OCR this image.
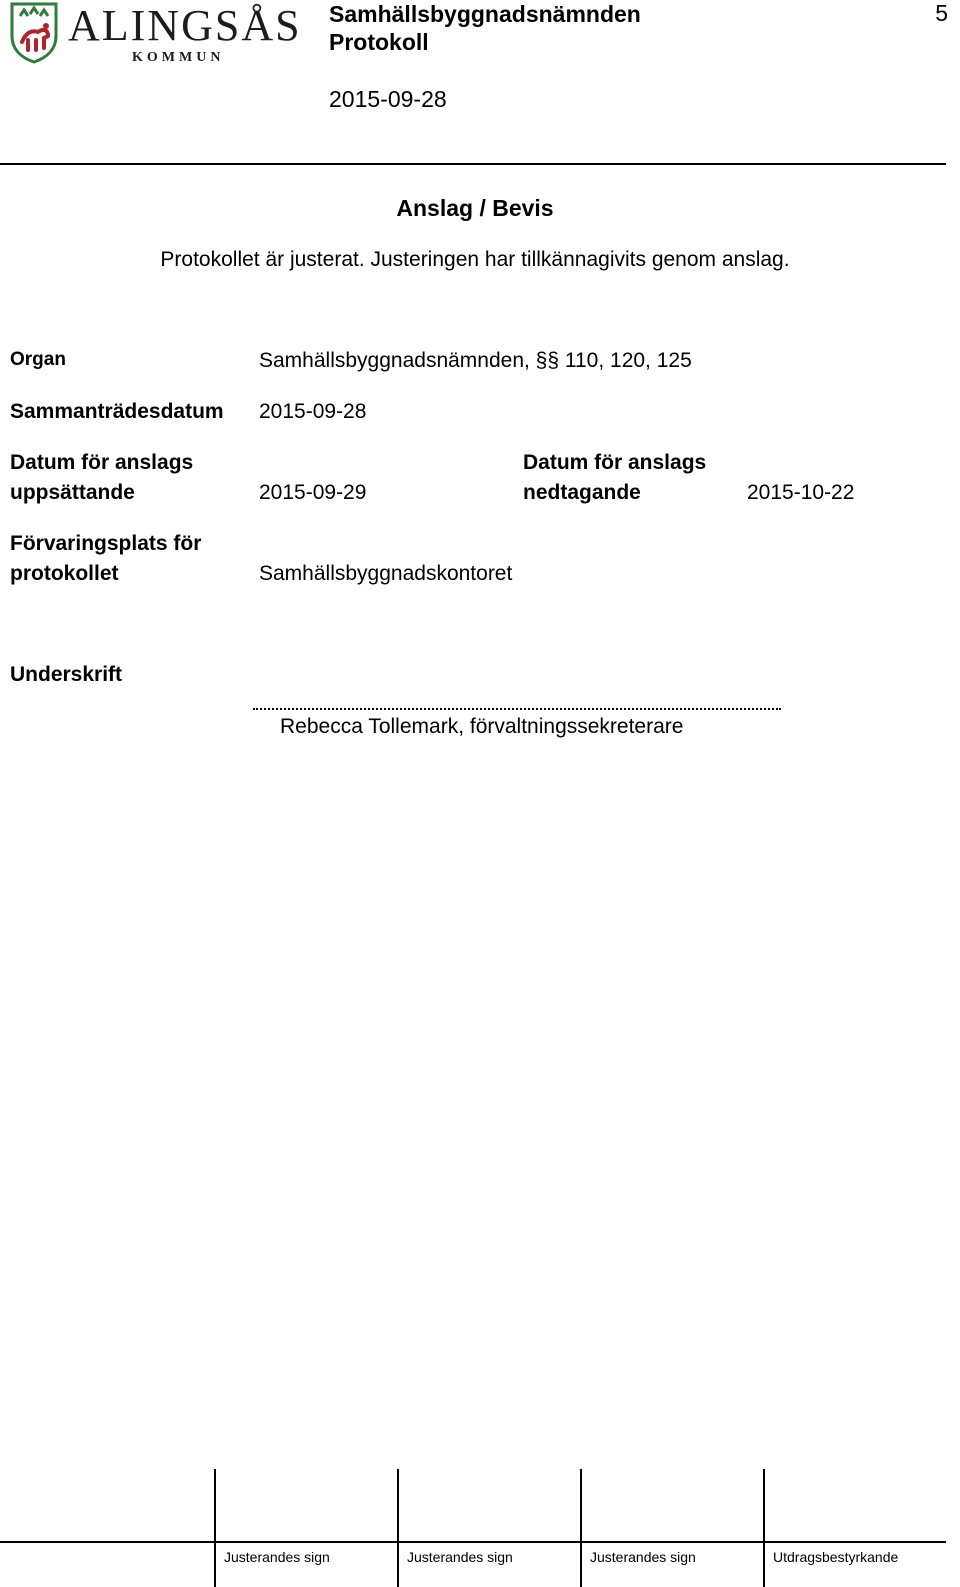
ALINGSÅS
KOMMUN
Samhällsbyggnadsnämnden
Protokoll
2015-09-28
5
Anslag / Bevis
Protokollet är justerat. Justeringen har tillkännagivits genom anslag.
Organ	Samhällsbyggnadsnämnden, §§ 110, 120, 125
Sammanträdesdatum 2015-09-28
Datum för anslags
uppsättande	2015-09-29
Datum för anslags
nedtagande	2015-10-22
Förvaringsplats för
protokollet	Samhällsbyggnadskontoret
Underskrift
Rebecca Tollemark, förvaltningssekreterare
Justerandes sign	Justerandes sign	Justerandes sign	Utdragsbestyrkande
